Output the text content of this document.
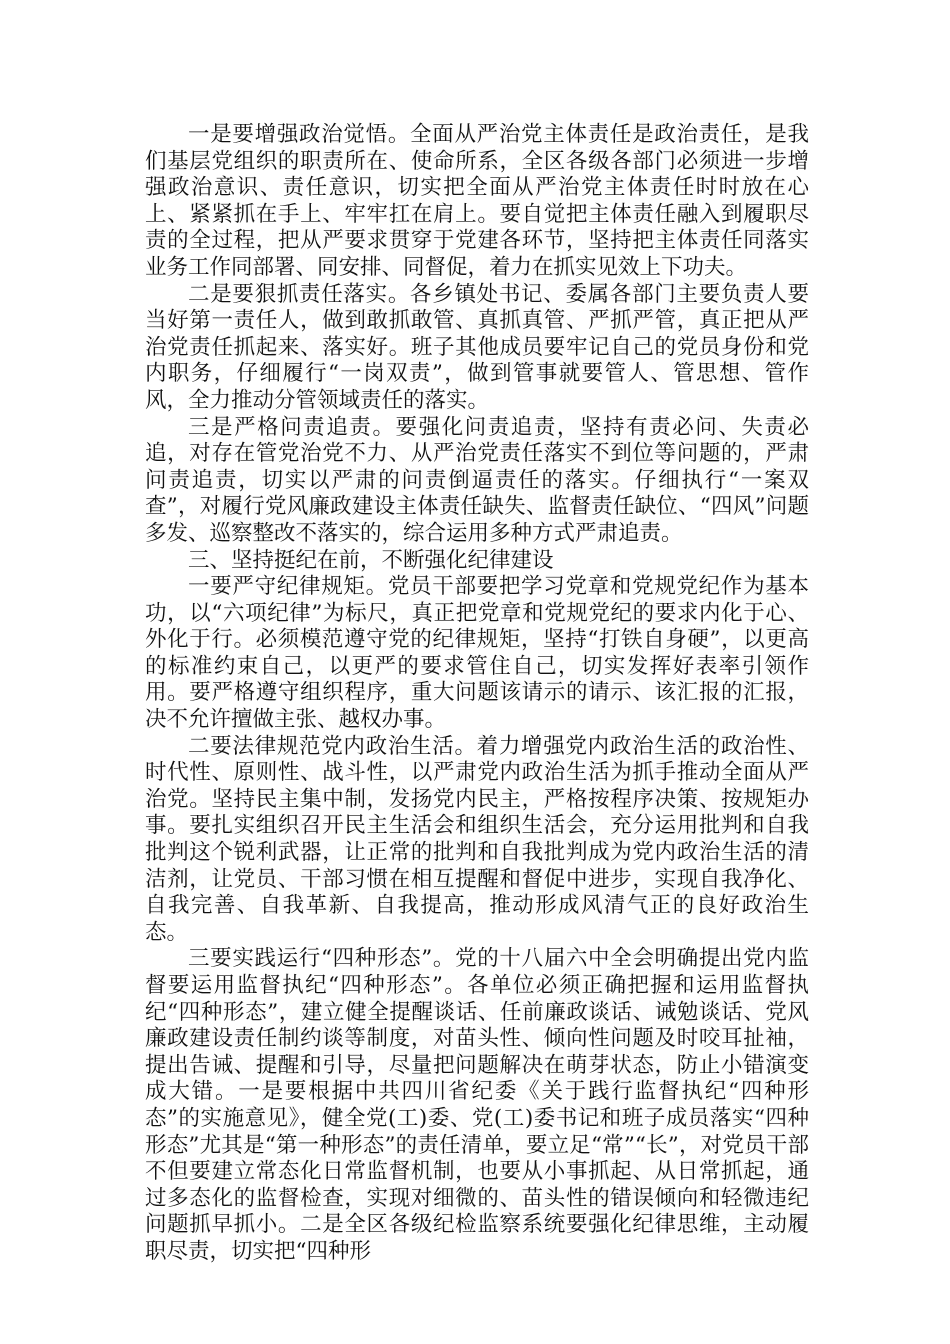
一是要增强政治觉悟。全面从严治党主体责任是政治责任，是我们基层党组织的职责所在、使命所系，全区各级各部门必须进一步增强政治意识、责任意识，切实把全面从严治党主体责任时时放在心上、紧紧抓在手上、牢牢扛在肩上。要自觉把主体责任融入到履职尽责的全过程，把从严要求贯穿于党建各环节，坚持把主体责任同落实业务工作同部署、同安排、同督促，着力在抓实见效上下功夫。

二是要狠抓责任落实。各乡镇处书记、委属各部门主要负责人要当好第一责任人，做到敢抓敢管、真抓真管、严抓严管，真正把从严治党责任抓起来、落实好。班子其他成员要牢记自己的党员身份和党内职务，仔细履行“一岗双责”，做到管事就要管人、管思想、管作风，全力推动分管领域责任的落实。

三是严格问责追责。要强化问责追责，坚持有责必问、失责必追，对存在管党治党不力、从严治党责任落实不到位等问题的，严肃问责追责，切实以严肃的问责倒逼责任的落实。仔细执行“一案双查”，对履行党风廉政建设主体责任缺失、监督责任缺位、“四风”问题多发、巡察整改不落实的，综合运用多种方式严肃追责。

三、坚持挺纪在前，不断强化纪律建设

一要严守纪律规矩。党员干部要把学习党章和党规党纪作为基本功，以“六项纪律”为标尺，真正把党章和党规党纪的要求内化于心、外化于行。必须模范遵守党的纪律规矩，坚持“打铁自身硬”，以更高的标准约束自己，以更严的要求管住自己，切实发挥好表率引领作用。要严格遵守组织程序，重大问题该请示的请示、该汇报的汇报，决不允许擅做主张、越权办事。

二要法律规范党内政治生活。着力增强党内政治生活的政治性、时代性、原则性、战斗性，以严肃党内政治生活为抓手推动全面从严治党。坚持民主集中制，发扬党内民主，严格按程序决策、按规矩办事。要扎实组织召开民主生活会和组织生活会，充分运用批判和自我批判这个锐利武器，让正常的批判和自我批判成为党内政治生活的清洁剂，让党员、干部习惯在相互提醒和督促中进步，实现自我净化、自我完善、自我革新、自我提高，推动形成风清气正的良好政治生态。

三要实践运行“四种形态”。党的十八届六中全会明确提出党内监督要运用监督执纪“四种形态”。各单位必须正确把握和运用监督执纪“四种形态”，建立健全提醒谈话、任前廉政谈话、诫勉谈话、党风廉政建设责任制约谈等制度，对苗头性、倾向性问题及时咬耳扯袖，提出告诫、提醒和引导，尽量把问题解决在萌芽状态，防止小错演变成大错。一是要根据中共四川省纪委《关于践行监督执纪“四种形态”的实施意见》，健全党(工)委、党(工)委书记和班子成员落实“四种形态”尤其是“第一种形态”的责任清单，要立足“常”“长”，对党员干部不但要建立常态化日常监督机制，也要从小事抓起、从日常抓起，通过多态化的监督检查，实现对细微的、苗头性的错误倾向和轻微违纪问题抓早抓小。二是全区各级纪检监察系统要强化纪律思维，主动履职尽责，切实把“四种形
